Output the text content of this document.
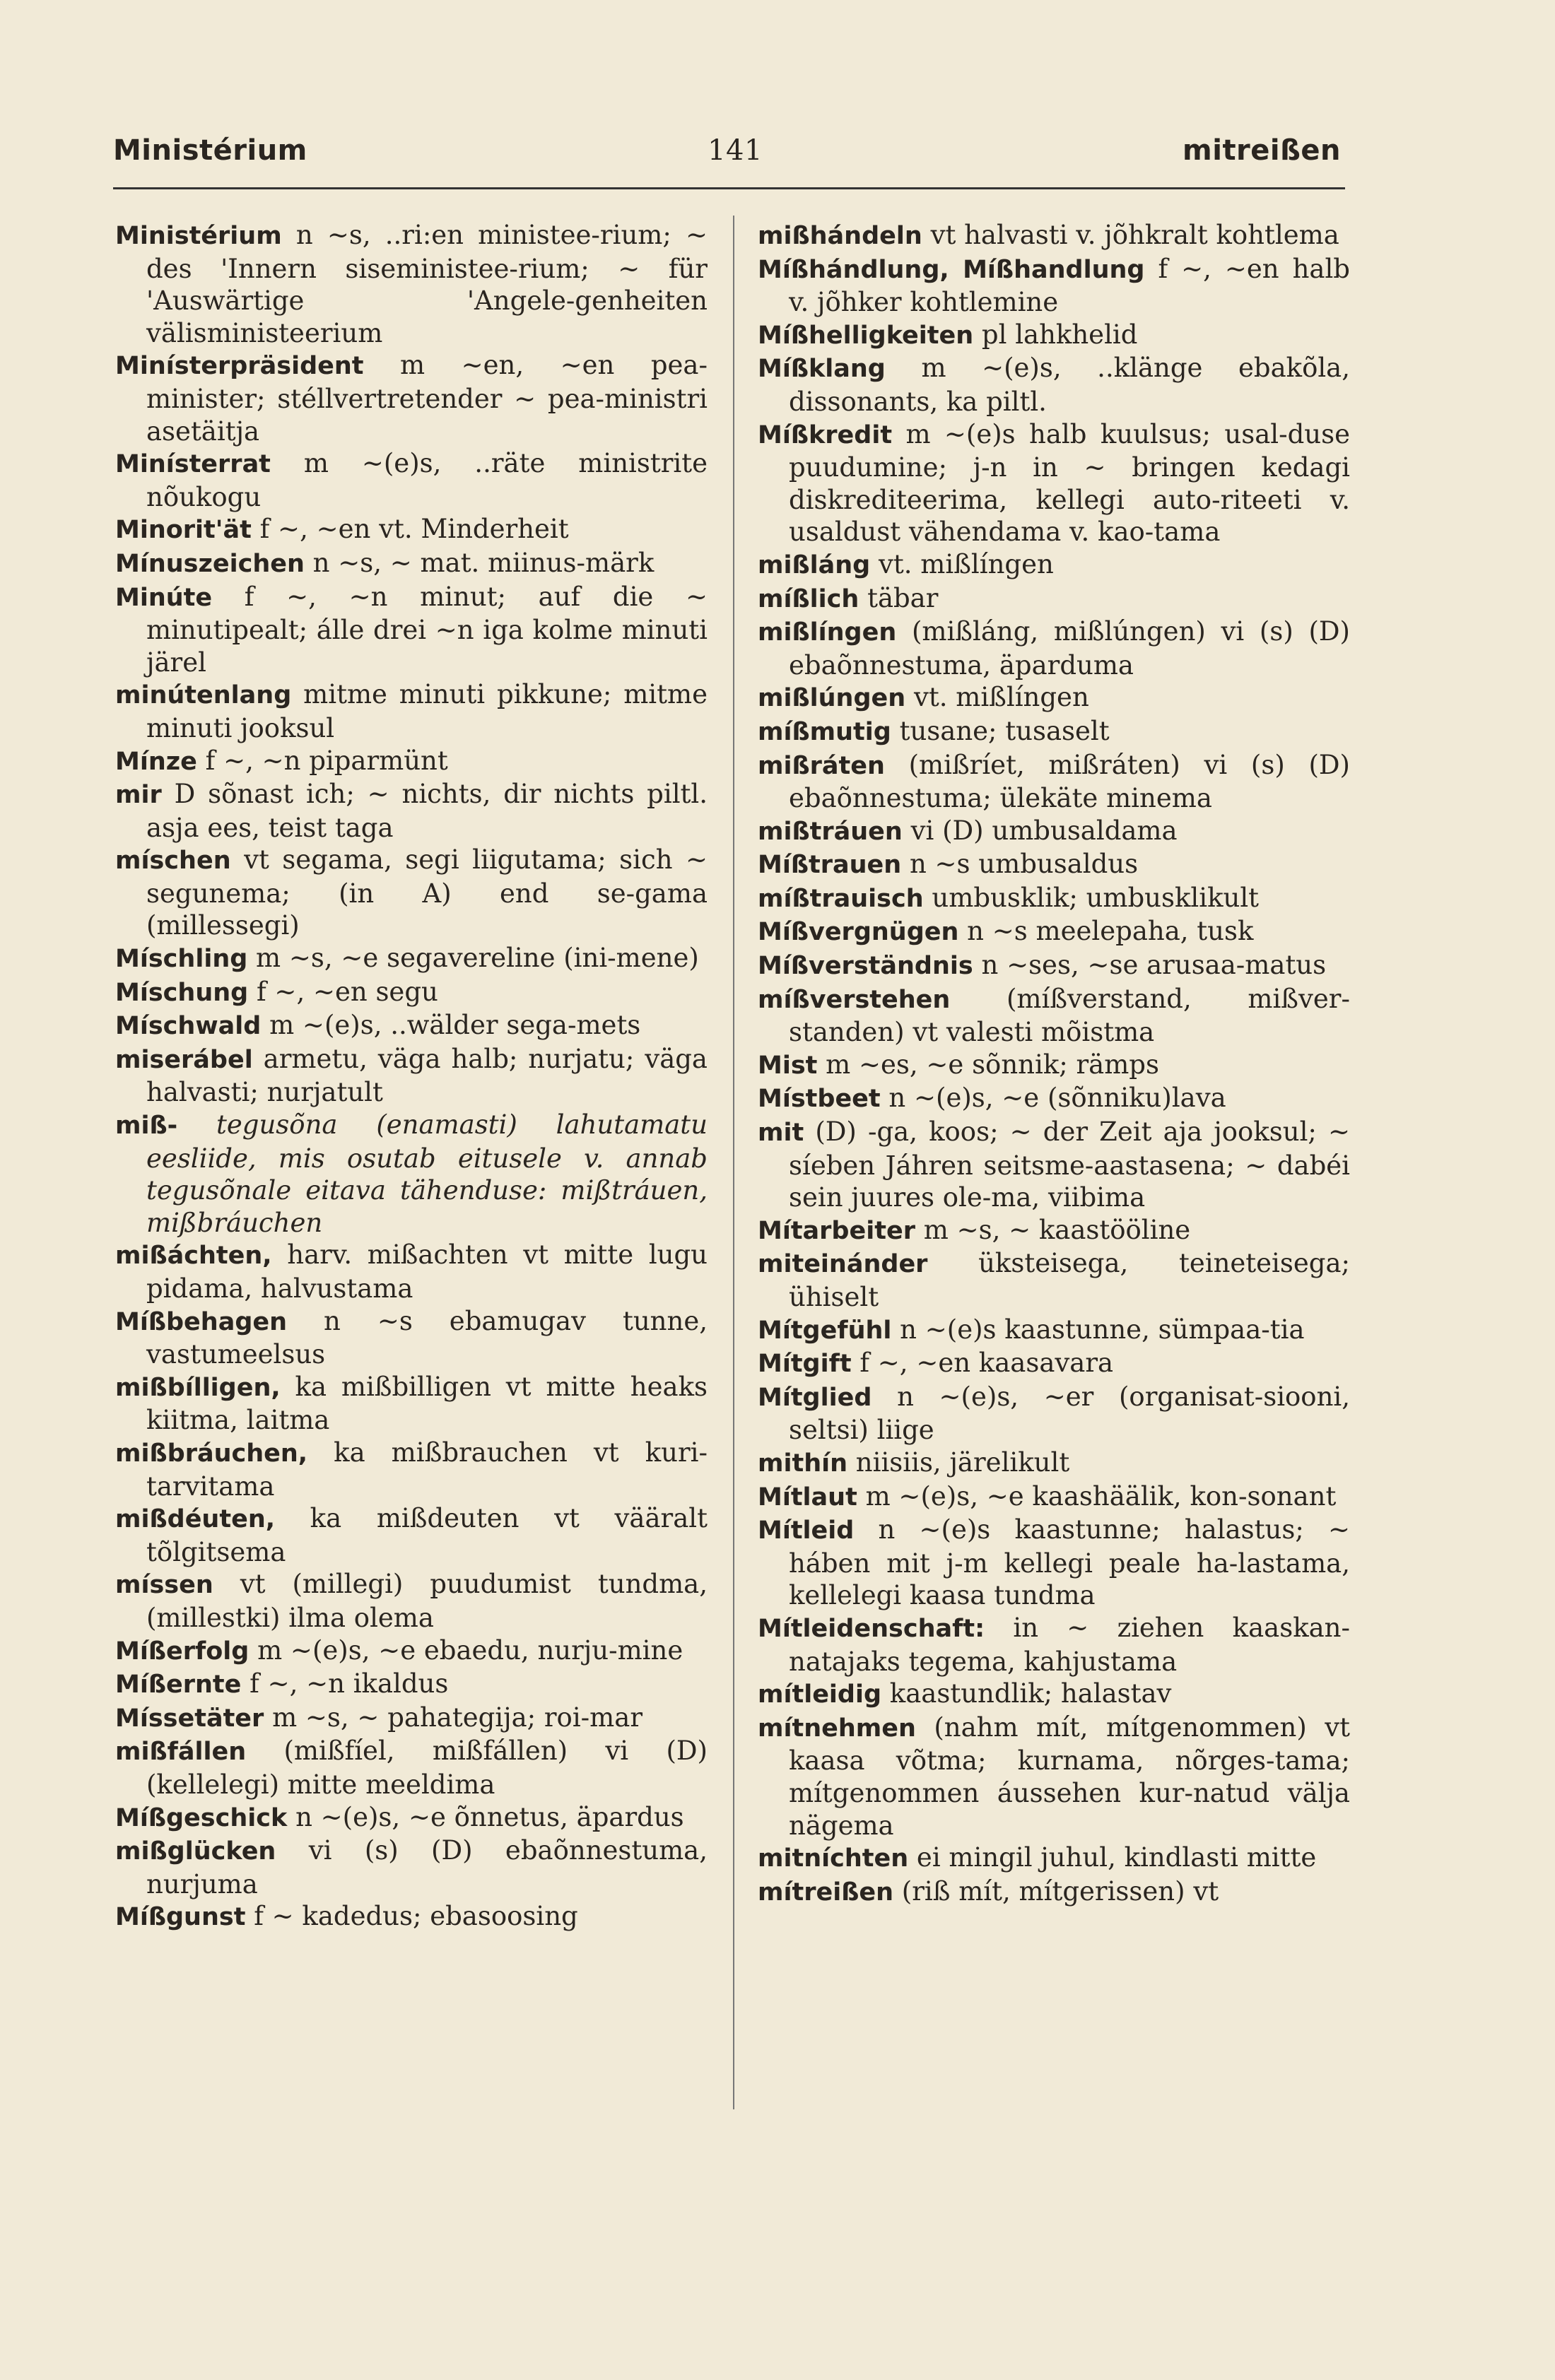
Ministérium	141	mitreißen

Ministérium n ~s, ..ri:en ministee-rium; ~ des 'Innern siseministee-rium; ~ für 'Auswärtige 'Angele-genheiten välisministeerium

Minísterpräsident m ~en, ~en pea-minister; stéllvertretender ~ pea-ministri asetäitja

Minísterrat m ~(e)s, ..räte ministrite nõukogu

Minorit'ät f ~, ~en vt. Minderheit

Mínuszeichen n ~s, ~ mat. miinus-märk

Minúte f ~, ~n minut; auf die ~ minutipealt; álle drei ~n iga kolme minuti järel

minútenlang mitme minuti pikkune; mitme minuti jooksul

Mínze f ~, ~n piparmünt

mir D sõnast ich; ~ nichts, dir nichts piltl. asja ees, teist taga

míschen vt segama, segi liigutama; sich ~ segunema; (in A) end se-gama (millessegi)

Míschling m ~s, ~e segavereline (ini-mene)

Míschung f ~, ~en segu

Míschwald m ~(e)s, ..wälder sega-mets

miserábel armetu, väga halb; nurjatu; väga halvasti; nurjatult

miß- tegusõna (enamasti) lahutamatu eesliide, mis osutab eitusele v. annab tegusõnale eitava tähenduse: mißtráuen, mißbráuchen

mißáchten, harv. mißachten vt mitte lugu pidama, halvustama

Míßbehagen n ~s ebamugav tunne, vastumeelsus

mißbílligen, ka mißbilligen vt mitte heaks kiitma, laitma

mißbráuchen, ka mißbrauchen vt kuri-tarvitama

mißdéuten, ka mißdeuten vt vääralt tõlgitsema

míssen vt (millegi) puudumist tundma, (millestki) ilma olema

Míßerfolg m ~(e)s, ~e ebaedu, nurju-mine

Míßernte f ~, ~n ikaldus

Míssetäter m ~s, ~ pahategija; roi-mar

mißfállen (mißfíel, mißfállen) vi (D) (kellelegi) mitte meeldima

Míßgeschick n ~(e)s, ~e õnnetus, äpardus

mißglücken vi (s) (D) ebaõnnestuma, nurjuma

Míßgunst f ~ kadedus; ebasoosing

mißhándeln vt halvasti v. jõhkralt kohtlema

Míßhándlung, Míßhandlung f ~, ~en halb v. jõhker kohtlemine

Míßhelligkeiten pl lahkhelid

Míßklang m ~(e)s, ..klänge ebakõla, dissonants, ka piltl.

Míßkredit m ~(e)s halb kuulsus; usal-duse puudumine; j-n in ~ bringen kedagi diskrediteerima, kellegi auto-riteeti v. usaldust vähendama v. kao-tama

mißláng vt. mißlíngen

míßlich täbar

mißlíngen (mißláng, mißlúngen) vi (s) (D) ebaõnnestuma, äparduma

mißlúngen vt. mißlíngen

míßmutig tusane; tusaselt

mißráten (mißríet, mißráten) vi (s) (D) ebaõnnestuma; ülekäte minema

mißtráuen vi (D) umbusaldama

Míßtrauen n ~s umbusaldus

míßtrauisch umbusklik; umbusklikult

Míßvergnügen n ~s meelepaha, tusk

Míßverständnis n ~ses, ~se arusaa-matus

míßverstehen (míßverstand, mißver-standen) vt valesti mõistma

Mist m ~es, ~e sõnnik; rämps

Místbeet n ~(e)s, ~e (sõnniku)lava

mit (D) -ga, koos; ~ der Zeit aja jooksul; ~ síeben Jáhren seitsme-aastasena; ~ dabéi sein juures ole-ma, viibima

Mítarbeiter m ~s, ~ kaastööline

miteinánder üksteisega, teineteisega; ühiselt

Mítgefühl n ~(e)s kaastunne, sümpaa-tia

Mítgift f ~, ~en kaasavara

Mítglied n ~(e)s, ~er (organisat-siooni, seltsi) liige

mithín niisiis, järelikult

Mítlaut m ~(e)s, ~e kaashäälik, kon-sonant

Mítleid n ~(e)s kaastunne; halastus; ~ háben mit j-m kellegi peale ha-lastama, kellelegi kaasa tundma

Mítleidenschaft: in ~ ziehen kaaskan-natajaks tegema, kahjustama

mítleidig kaastundlik; halastav

mítnehmen (nahm mít, mítgenommen) vt kaasa võtma; kurnama, nõrges-tama; mítgenommen áussehen kur-natud välja nägema

mitníchten ei mingil juhul, kindlasti mitte

mítreißen (riß mít, mítgerissen) vt
